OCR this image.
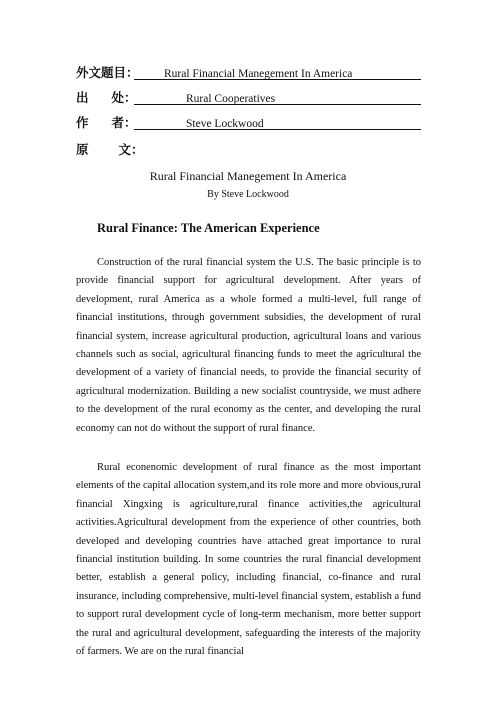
外文题目： Rural Financial Manegement In America
出 处：	Rural Cooperatives
作 者：	Steve Lockwood
原 文：
Rural Financial Manegement In America
By Steve Lockwood
Rural Finance: The American Experience

Construction of the rural financial system the U.S. The basic principle is to provide financial support for agricultural development. After years of development, rural America as a whole formed a multi-level, full range of financial institutions, through government subsidies, the development of rural financial system, increase agricultural production, agricultural loans and various channels such as social, agricultural financing funds to meet the agricultural the development of a variety of financial needs, to provide the financial security of agricultural modernization. Building a new socialist countryside, we must adhere to the development of the rural economy as the center, and developing the rural economy can not do without the support of rural finance.

Rural econenomic development of rural finance as the most important elements of the capital allocation system,and its role more and more obvious,rural financial Xingxing is agriculture,rural finance activities,the agricultural activities.Agricultural development from the experience of other countries, both developed and developing countries have attached great importance to rural financial institution building. In some countries the rural financial development better, establish a general policy, including financial, co-finance and rural insurance, including comprehensive, multi-level financial system, establish a fund to support rural development cycle of long-term mechanism, more better support the rural and agricultural development, safeguarding the interests of the majority of farmers. We are on the rural financial
